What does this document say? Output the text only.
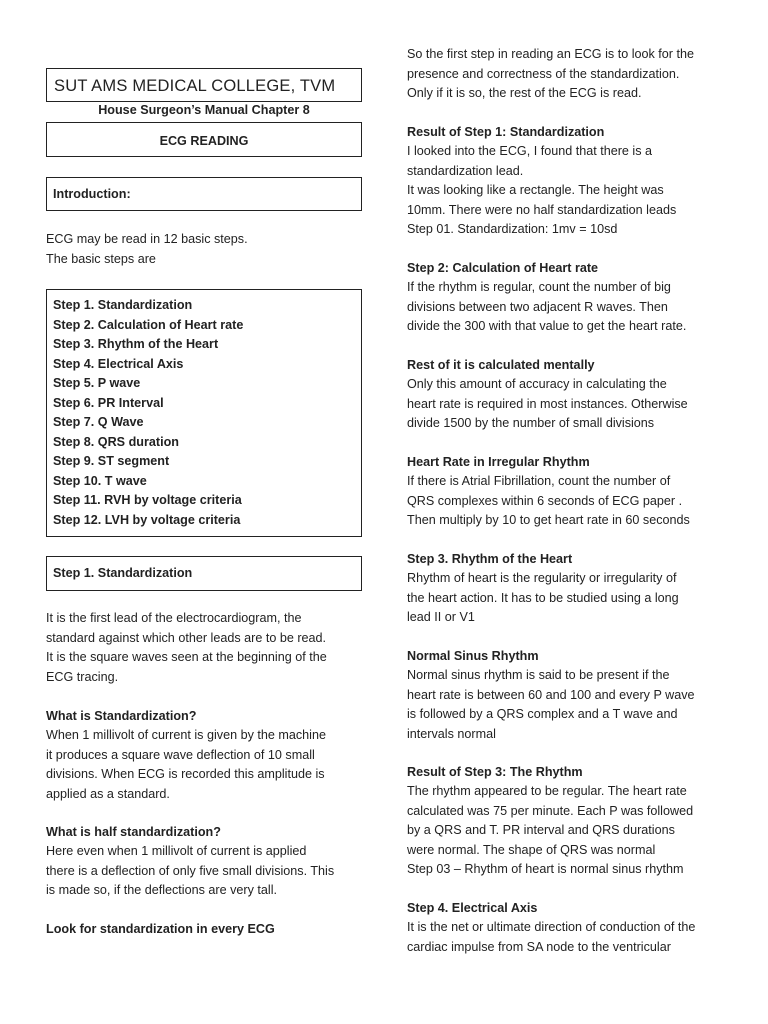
SUT AMS MEDICAL COLLEGE, TVM
House Surgeon’s Manual Chapter 8
ECG READING
Introduction:

ECG may be read in 12 basic steps.
The basic steps are

Step 1. Standardization
Step 2. Calculation of Heart rate
Step 3. Rhythm of the Heart
Step 4. Electrical Axis
Step 5. P wave
Step 6. PR Interval
Step 7. Q Wave
Step 8. QRS duration
Step 9. ST segment
Step 10. T wave
Step 11. RVH by voltage criteria
Step 12. LVH by voltage criteria
Step 1. Standardization

It is the first lead of the electrocardiogram, the
standard against which other leads are to be read.
It is the square waves seen at the beginning of the
ECG tracing.

What is Standardization?

When 1 millivolt of current is given by the machine
it produces a square wave deflection of 10 small
divisions. When ECG is recorded this amplitude is
applied as a standard.

What is half standardization?

Here even when 1 millivolt of current is applied
there is a deflection of only five small divisions. This
is made so, if the deflections are very tall.

Look for standardization in every ECG

So the first step in reading an ECG is to look for the
presence and correctness of the standardization.
Only if it is so, the rest of the ECG is read.

Result of Step 1: Standardization

I looked into the ECG, I found that there is a
standardization lead.
It was looking like a rectangle. The height was
10mm. There were no half standardization leads
Step 01. Standardization: 1mv = 10sd

Step 2: Calculation of Heart rate

If the rhythm is regular, count the number of big
divisions between two adjacent R waves. Then
divide the 300 with that value to get the heart rate.

Rest of it is calculated mentally

Only this amount of accuracy in calculating the
heart rate is required in most instances. Otherwise
divide 1500 by the number of small divisions

Heart Rate in Irregular Rhythm

If there is Atrial Fibrillation, count the number of
QRS complexes within 6 seconds of ECG paper .
Then multiply by 10 to get heart rate in 60 seconds

Step 3. Rhythm of the Heart

Rhythm of heart is the regularity or irregularity of
the heart action. It has to be studied using a long
lead II or V1

Normal Sinus Rhythm

Normal sinus rhythm is said to be present if the
heart rate is between 60 and 100 and every P wave
is followed by a QRS complex and a T wave and
intervals normal

Result of Step 3: The Rhythm

The rhythm appeared to be regular. The heart rate
calculated was 75 per minute. Each P was followed
by a QRS and T. PR interval and QRS durations
were normal. The shape of QRS was normal
Step 03 – Rhythm of heart is normal sinus rhythm

Step 4. Electrical Axis

It is the net or ultimate direction of conduction of the
cardiac impulse from SA node to the ventricular
